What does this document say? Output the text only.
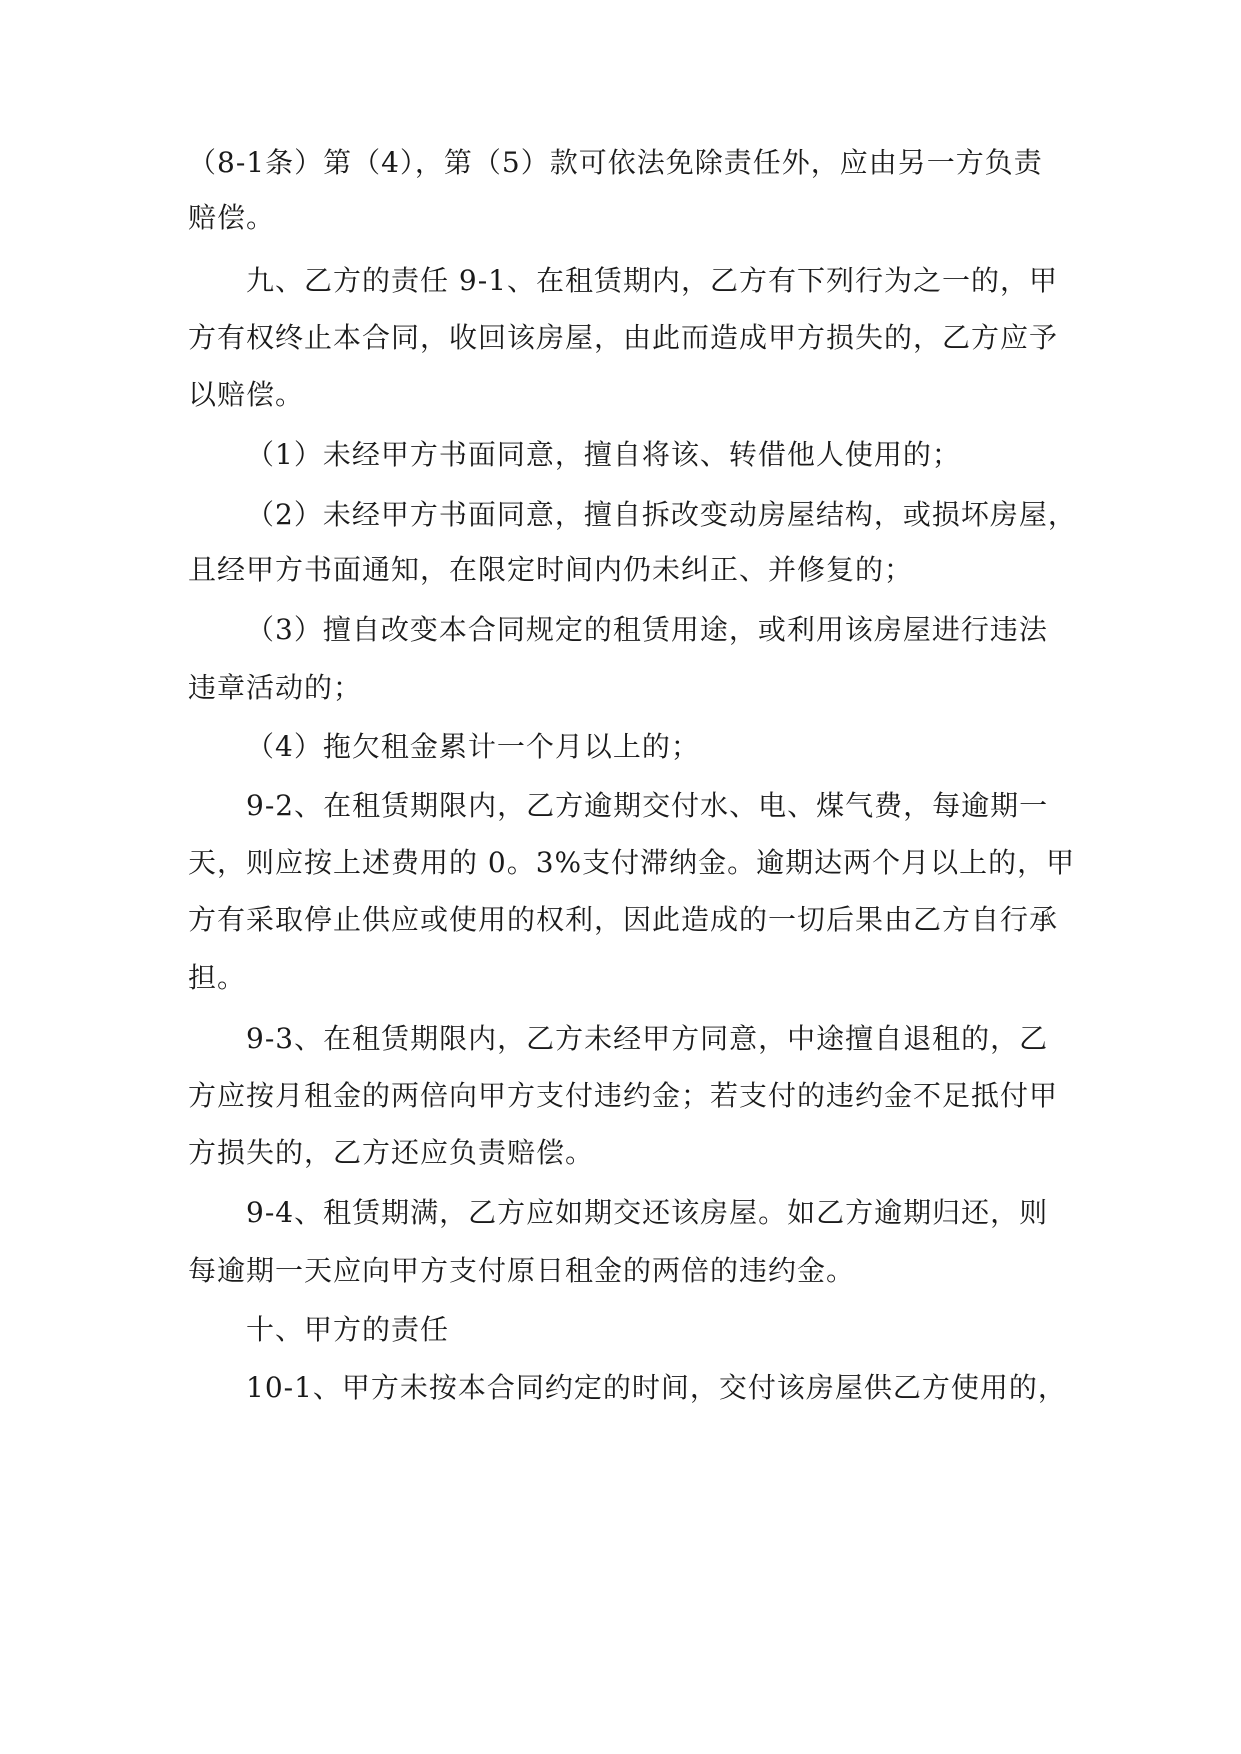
（8-1条）第（4），第（5）款可依法免除责任外，应由另一方负责

赔偿。

九、乙方的责任 9-1、在租赁期内，乙方有下列行为之一的，甲

方有权终止本合同，收回该房屋，由此而造成甲方损失的，乙方应予

以赔偿。

（1）未经甲方书面同意，擅自将该、转借他人使用的；

（2）未经甲方书面同意，擅自拆改变动房屋结构，或损坏房屋，

且经甲方书面通知，在限定时间内仍未纠正、并修复的；

（3）擅自改变本合同规定的租赁用途，或利用该房屋进行违法

违章活动的；

（4）拖欠租金累计一个月以上的；

9-2、在租赁期限内，乙方逾期交付水、电、煤气费，每逾期一

天，则应按上述费用的 0。3%支付滞纳金。逾期达两个月以上的，甲

方有采取停止供应或使用的权利，因此造成的一切后果由乙方自行承

担。

9-3、在租赁期限内，乙方未经甲方同意，中途擅自退租的，乙

方应按月租金的两倍向甲方支付违约金；若支付的违约金不足抵付甲

方损失的，乙方还应负责赔偿。

9-4、租赁期满，乙方应如期交还该房屋。如乙方逾期归还，则

每逾期一天应向甲方支付原日租金的两倍的违约金。

十、甲方的责任

10-1、甲方未按本合同约定的时间，交付该房屋供乙方使用的，
